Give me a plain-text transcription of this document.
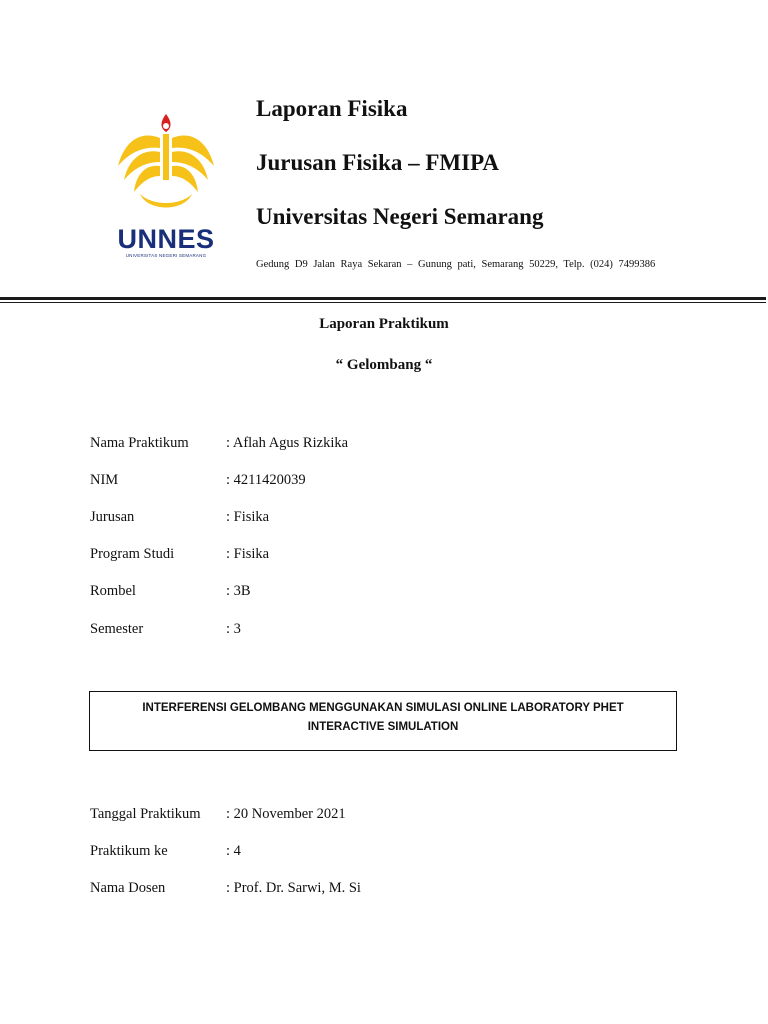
UNNES
UNIVERSITAS NEGERI SEMARANG
Laporan Fisika
Jurusan Fisika – FMIPA
Universitas Negeri Semarang
Gedung D9 Jalan Raya Sekaran – Gunung pati, Semarang 50229, Telp. (024) 7499386
Laporan Praktikum
“ Gelombang “
Nama Praktikum	: Aflah Agus Rizkika
NIM	: 4211420039
Jurusan	: Fisika
Program Studi	: Fisika
Rombel	: 3B
Semester	: 3
INTERFERENSI GELOMBANG MENGGUNAKAN SIMULASI ONLINE LABORATORY PHET INTERACTIVE SIMULATION
Tanggal Praktikum : 20 November 2021
Praktikum ke	: 4
Nama Dosen	: Prof. Dr. Sarwi, M. Si
